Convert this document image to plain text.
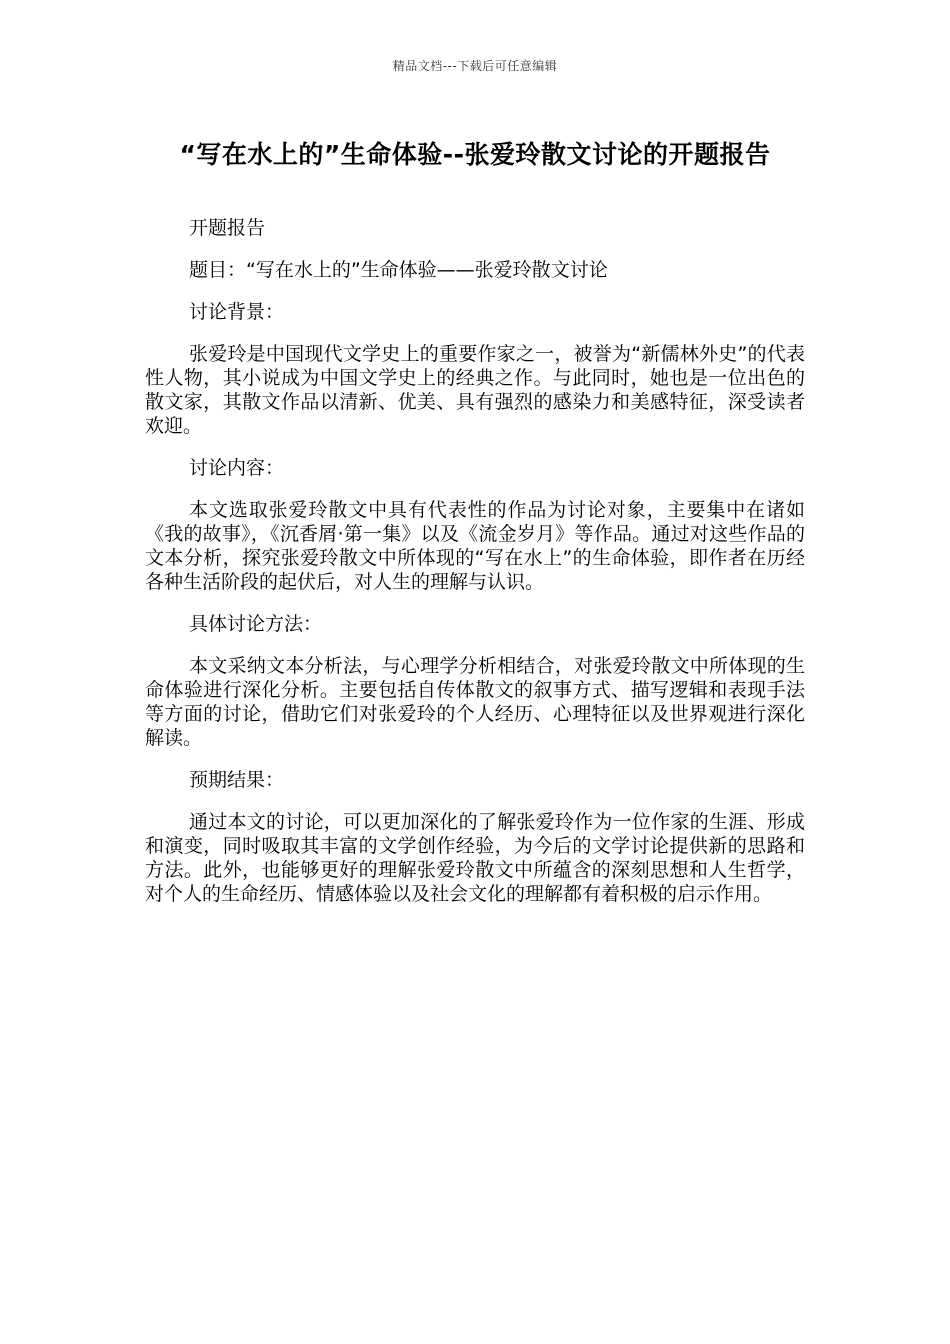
精品文档---下载后可任意编辑
“写在水上的”生命体验--张爱玲散文讨论的开题报告

开题报告

题目：“写在水上的”生命体验——张爱玲散文讨论

讨论背景：

张爱玲是中国现代文学史上的重要作家之一，被誉为“新儒林外史”的代表性人物，其小说成为中国文学史上的经典之作。与此同时，她也是一位出色的散文家，其散文作品以清新、优美、具有强烈的感染力和美感特征，深受读者欢迎。

讨论内容：

本文选取张爱玲散文中具有代表性的作品为讨论对象，主要集中在诸如《我的故事》，《沉香屑·第一集》以及《流金岁月》等作品。通过对这些作品的文本分析，探究张爱玲散文中所体现的“写在水上”的生命体验，即作者在历经各种生活阶段的起伏后，对人生的理解与认识。

具体讨论方法：

本文采纳文本分析法，与心理学分析相结合，对张爱玲散文中所体现的生命体验进行深化分析。主要包括自传体散文的叙事方式、描写逻辑和表现手法等方面的讨论，借助它们对张爱玲的个人经历、心理特征以及世界观进行深化解读。

预期结果：

通过本文的讨论，可以更加深化的了解张爱玲作为一位作家的生涯、形成和演变，同时吸取其丰富的文学创作经验，为今后的文学讨论提供新的思路和方法。此外，也能够更好的理解张爱玲散文中所蕴含的深刻思想和人生哲学，对个人的生命经历、情感体验以及社会文化的理解都有着积极的启示作用。
